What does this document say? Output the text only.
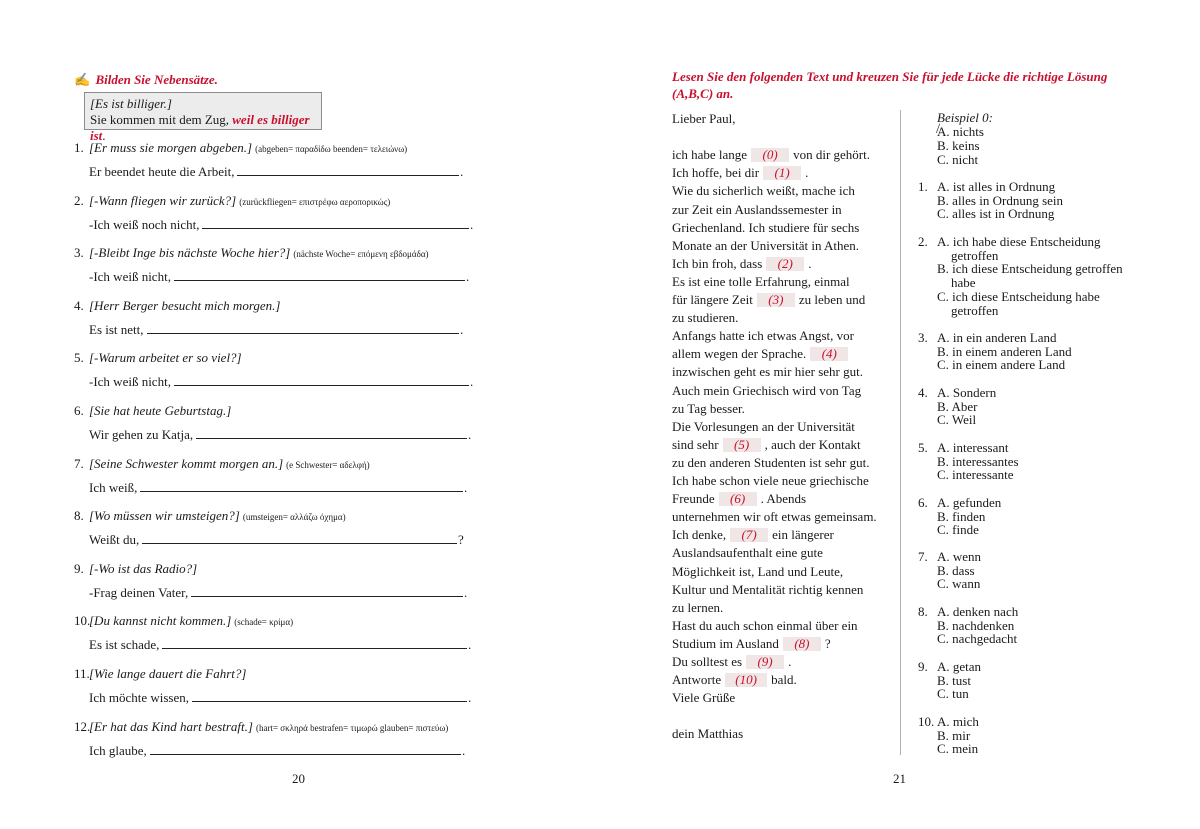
✍ Bilden Sie Nebensätze.
[Es ist billiger.]
Sie kommen mit dem Zug, weil es billiger ist.
1. [Er muss sie morgen abgeben.] (abgeben= παραδίδω beenden= τελειώνω)
Er beendet heute die Arbeit,	.
2. [-Wann fliegen wir zurück?] (zurückfliegen= επιστρέφω αεροπορικώς)
-Ich weiß noch nicht,	.
3. [-Bleibt Inge bis nächste Woche hier?] (nächste Woche= επόμενη εβδομάδα)
-Ich weiß nicht,	.
4. [Herr Berger besucht mich morgen.]
Es ist nett,	.
5. [-Warum arbeitet er so viel?]
-Ich weiß nicht,	.
6. [Sie hat heute Geburtstag.]
Wir gehen zu Katja,	.
7. [Seine Schwester kommt morgen an.] (e Schwester= αδελφή)
Ich weiß,	.
8. [Wo müssen wir umsteigen?] (umsteigen= αλλάζω όχημα)
Weißt du,	?
9. [-Wo ist das Radio?]
-Frag deinen Vater,	.
10.[Du kannst nicht kommen.] (schade= κρίμα)
Es ist schade,	.
11.[Wie lange dauert die Fahrt?]
Ich möchte wissen,	.
12.[Er hat das Kind hart bestraft.] (hart= σκληρά bestrafen= τιμωρώ glauben= πιστεύω)
Ich glaube,	.
20
Lesen Sie den folgenden Text und kreuzen Sie für jede Lücke die richtige Lösung (A,B,C) an.
Lieber Paul,
ich habe lange (0) von dir gehört.
Ich hoffe, bei dir (1) .
Wie du sicherlich weißt, mache ich
zur Zeit ein Auslandssemester in
Griechenland. Ich studiere für sechs
Monate an der Universität in Athen.
Ich bin froh, dass (2) .
Es ist eine tolle Erfahrung, einmal
für längere Zeit (3) zu leben und
zu studieren.
Anfangs hatte ich etwas Angst, vor
allem wegen der Sprache. (4)
inzwischen geht es mir hier sehr gut.
Auch mein Griechisch wird von Tag
zu Tag besser.
Die Vorlesungen an der Universität
sind sehr (5) , auch der Kontakt
zu den anderen Studenten ist sehr gut.
Ich habe schon viele neue griechische
Freunde (6) . Abends
unternehmen wir oft etwas gemeinsam.
Ich denke, (7) ein längerer
Auslandsaufenthalt eine gute
Möglichkeit ist, Land und Leute,
Kultur und Mentalität richtig kennen
zu lernen.
Hast du auch schon einmal über ein
Studium im Ausland (8) ?
Du solltest es (9) .
Antworte (10) bald.
Viele Grüße
dein Matthias
Beispiel 0:
A. nichts /
B. keins
C. nicht
1. A. ist alles in Ordnung
B. alles in Ordnung sein
C. alles ist in Ordnung
2. A. ich habe diese Entscheidung
getroffen
B. ich diese Entscheidung getroffen
habe
C. ich diese Entscheidung habe
getroffen
3. A. in ein anderen Land
B. in einem anderen Land
C. in einem andere Land
4. A. Sondern
B. Aber
C. Weil
5. A. interessant
B. interessantes
C. interessante
6. A. gefunden
B. finden
C. finde
7. A. wenn
B. dass
C. wann
8. A. denken nach
B. nachdenken
C. nachgedacht
9. A. getan
B. tust
C. tun
10. A. mich
B. mir
C. mein
21
